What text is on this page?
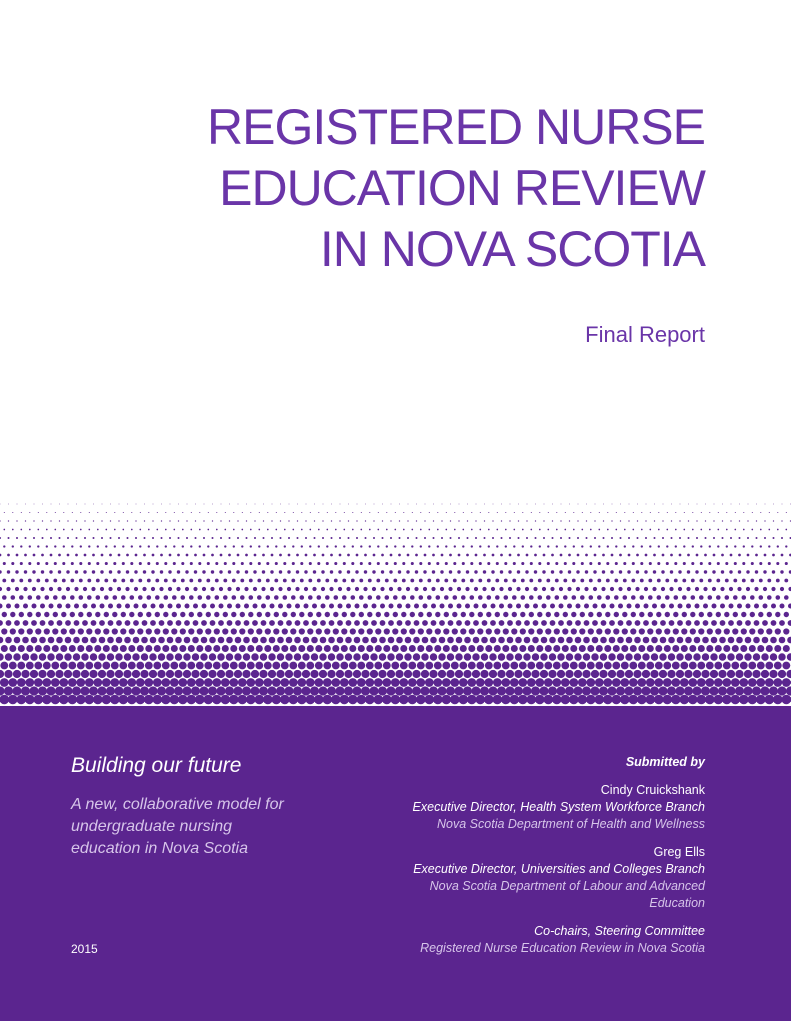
REGISTERED NURSE
EDUCATION REVIEW
IN NOVA SCOTIA
Final Report
Building our future

A new, collaborative model for undergraduate nursing education in Nova Scotia

2015

Submitted by

Cindy Cruickshank

Executive Director, Health System Workforce Branch

Nova Scotia Department of Health and Wellness

Greg Ells

Executive Director, Universities and Colleges Branch

Nova Scotia Department of Labour and Advanced Education

Co-chairs, Steering Committee

Registered Nurse Education Review in Nova Scotia
